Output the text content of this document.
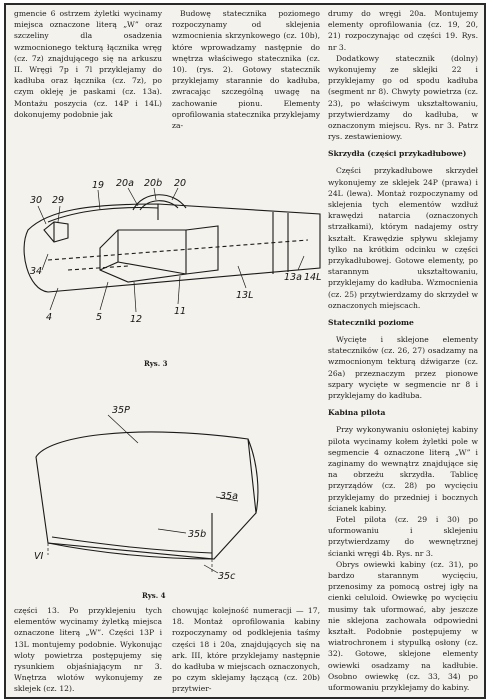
gmencie 6 ostrzem żyletki wycinamy miejsca oznaczone literą „W” oraz szczeliny dla osadzenia wzmocnionego tekturą łącznika wręg (cz. 7z) znajdującego się na arkuszu II. Wręgi 7p i 7l przyklejamy do kadłuba oraz łącznika (cz. 7z), po czym okleję je paskami (cz. 13a). Montażu poszycia (cz. 14P i 14L) dokonujemy podobnie jak

Budowę statecznika poziomego rozpoczynamy od sklejenia wzmocnienia skrzynkowego (cz. 10b), które wprowadzamy następnie do wnętrza właściwego statecznika (cz. 10). (rys. 2). Gotowy statecznik przyklejamy starannie do kadłuba, zwracając szczególną uwagę na zachowanie pionu. Elementy oprofilowania statecznika przyklejamy za-

drumy do wręgi 20a. Montujemy elementy oprofilowania (cz. 19, 20, 21) rozpoczynając od części 19. Rys. nr 3.

Dodatkowy statecznik (dolny) wykonujemy ze sklejki 22 i przyklejamy go od spodu kadłuba (segment nr 8). Chwyty powietrza (cz. 23), po właściwym ukształtowaniu, przytwierdzamy do kadłuba, w oznaczonym miejscu. Rys. nr 3. Patrz rys. zestawieniowy.

Skrzydła (części przykadłubowe)

Części przykadłubowe skrzydeł wykonujemy ze sklejek 24P (prawa) i 24L (lewa). Montaż rozpoczynamy od sklejenia tych elementów wzdłuż krawędzi natarcia (oznaczonych strzałkami), którym nadajemy ostry kształt. Krawędzie spływu sklejamy tylko na krótkim odcinku w części przykadłubowej. Gotowe elementy, po starannym ukształtowaniu, przyklejamy do kadłuba. Wzmocnienia (cz. 25) przytwierdzamy do skrzydeł w oznaczonych miejscach.

Stateczniki poziome

Wycięte i sklejone elementy stateczników (cz. 26, 27) osadzamy na wzmocnionym tekturą dźwigarze (cz. 26a) przeznaczym przez pionowe szpary wycięte w segmencie nr 8 i przyklejamy do kadłuba.

Kabina pilota

Przy wykonywaniu osłoniętej kabiny pilota wycinamy kołem żyletki pole w segmencie 4 oznaczone literą „W” i zaginamy do wewnątrz znajdujące się na obrzeżu skrzydła. Tablicę przyrządów (cz. 28) po wycięciu przyklejamy do przedniej i bocznych ścianek kabiny.

Fotel pilota (cz. 29 i 30) po uformowaniu i sklejeniu przytwierdzamy do wewnętrznej ścianki wręgi 4b. Rys. nr 3.

Obrys owiewki kabiny (cz. 31), po bardzo starannym wycięciu, przenosimy za pomocą ostrej igły na cienki celuloid. Owiewkę po wycięciu musimy tak uformować, aby jeszcze nie sklejona zachowała odpowiedni kształt. Podobnie postępujemy w wiatrochronem i stypulką osłony (cz. 32). Gotowe, sklejone elementy owiewki osadzamy na kadłubie. Osobno owiewkę (cz. 33, 34) po uformowaniu przyklejamy do kabiny.

30 29
19 20a 20b 20
34
4	5	12
11
13L
13a 14L
Rys. 3
35P
35a
35b
35c
VI
Rys. 4

części 13. Po przyklejeniu tych elementów wycinamy żyletką miejsca oznaczone literą „W”. Części 13P i 13L montujemy podobnie. Wykonując wloty powietrza postępujemy się rysunkiem objaśniającym nr 3. Wnętrza wlotów wykonujemy ze sklejek (cz. 12).

chowując kolejność numeracji — 17, 18. Montaż oprofilowania kabiny rozpoczynamy od podklejenia taśmy części 18 i 20a, znajdujących się na ark. III, które przyklejamy następnie do kadłuba w miejscach oznaczonych, po czym sklejamy łączącą (cz. 20b) przytwier-
